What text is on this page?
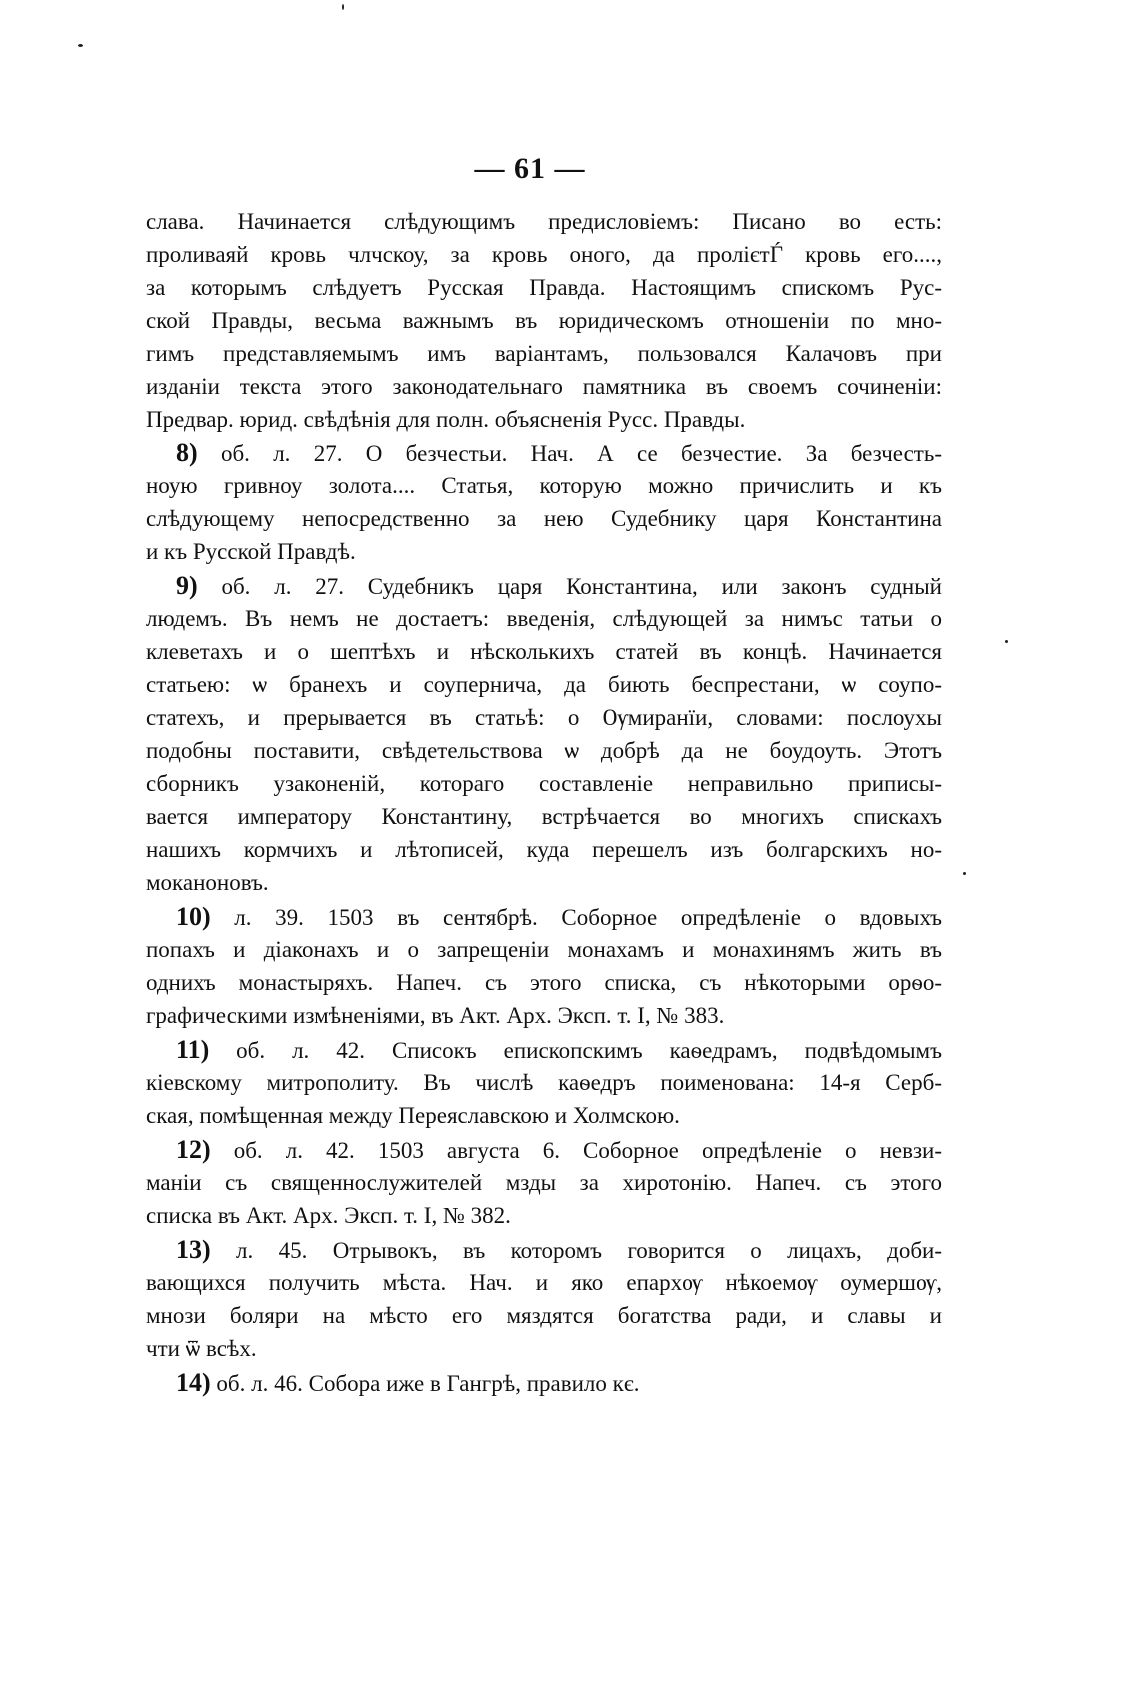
— 61 —
слава. Начинается слѣдующимъ предисловіемъ: Писано во есть:
проливаяй кровь члчскоу, за кровь оного, да пролієтЃ кровь его....,
за которымъ слѣдуетъ Руcская Правда. Настоящимъ спискомъ Рус-
ской Правды, весьма важнымъ въ юридическомъ отношеніи по мно-
гимъ представляемымъ имъ варіантамъ, пользовался Калачовъ при
изданіи текста этого законодательнаго памятника въ своемъ сочиненіи:
Предвар. юрид. свѣдѣнія для полн. объясненія Русс. Правды.
8) об. л. 27. О безчестьи. Нач. А се безчестие. За безчесть-
ноую гривноу золота.... Статья, которую можно причислить и къ
слѣдующему непосредственно за нею Судебнику царя Константина
и къ Русской Правдѣ.
9) об. л. 27. Судебникъ царя Константина, или законъ судный
людемъ. Въ немъ не достаетъ: введенія, слѣдующей за нимъс татьи о
клеветахъ и о шептѣхъ и нѣсколькихъ статей въ концѣ. Начинается
статьею: ѡ бранехъ и соупернича, да биють беспрестани, ѡ соупо-
статехъ, и прерывается въ статьѣ: о Ѹмиранїи, словами: послоухы
подобны поставити, свѣдетельствова ѡ добрѣ да не боудоуть. Этотъ
сборникъ узаконеній, котораго составленіе неправильно приписы-
вается императору Константину, встрѣчается во многихъ спискахъ
нашихъ кормчихъ и лѣтописей, куда перешелъ изъ болгарскихъ но-
моканоновъ.
10) л. 39. 1503 въ сентябрѣ. Соборное опредѣленіе о вдовыхъ
попахъ и діаконахъ и о запрещеніи монахамъ и монахинямъ жить въ
однихъ монастыряхъ. Напеч. съ этого списка, съ нѣкоторыми орѳо-
графическими измѣненіями, въ Акт. Арх. Эксп. т. I, № 383.
11) об. л. 42. Списокъ епископскимъ каѳедрамъ, подвѣдомымъ
кіевскому митрополиту. Въ числѣ каѳедръ поименована: 14-я Серб-
ская, помѣщенная между Переяславскою и Холмскою.
12) об. л. 42. 1503 августа 6. Соборное опредѣленіе о невзи-
маніи съ священнослужителей мзды за хиротонію. Напеч. съ этого
списка въ Акт. Арх. Эксп. т. I, № 382.
13) л. 45. Отрывокъ, въ которомъ говорится о лицахъ, доби-
вающихся получить мѣста. Нач. и яко епархѹ нѣкоемѹ оумершѹ,
мнози боляри на мѣсто его мяздятся богатства ради, и славы и
чти ѿ всѣх.
14) об. л. 46. Собора иже в Гангрѣ, правило кє.
